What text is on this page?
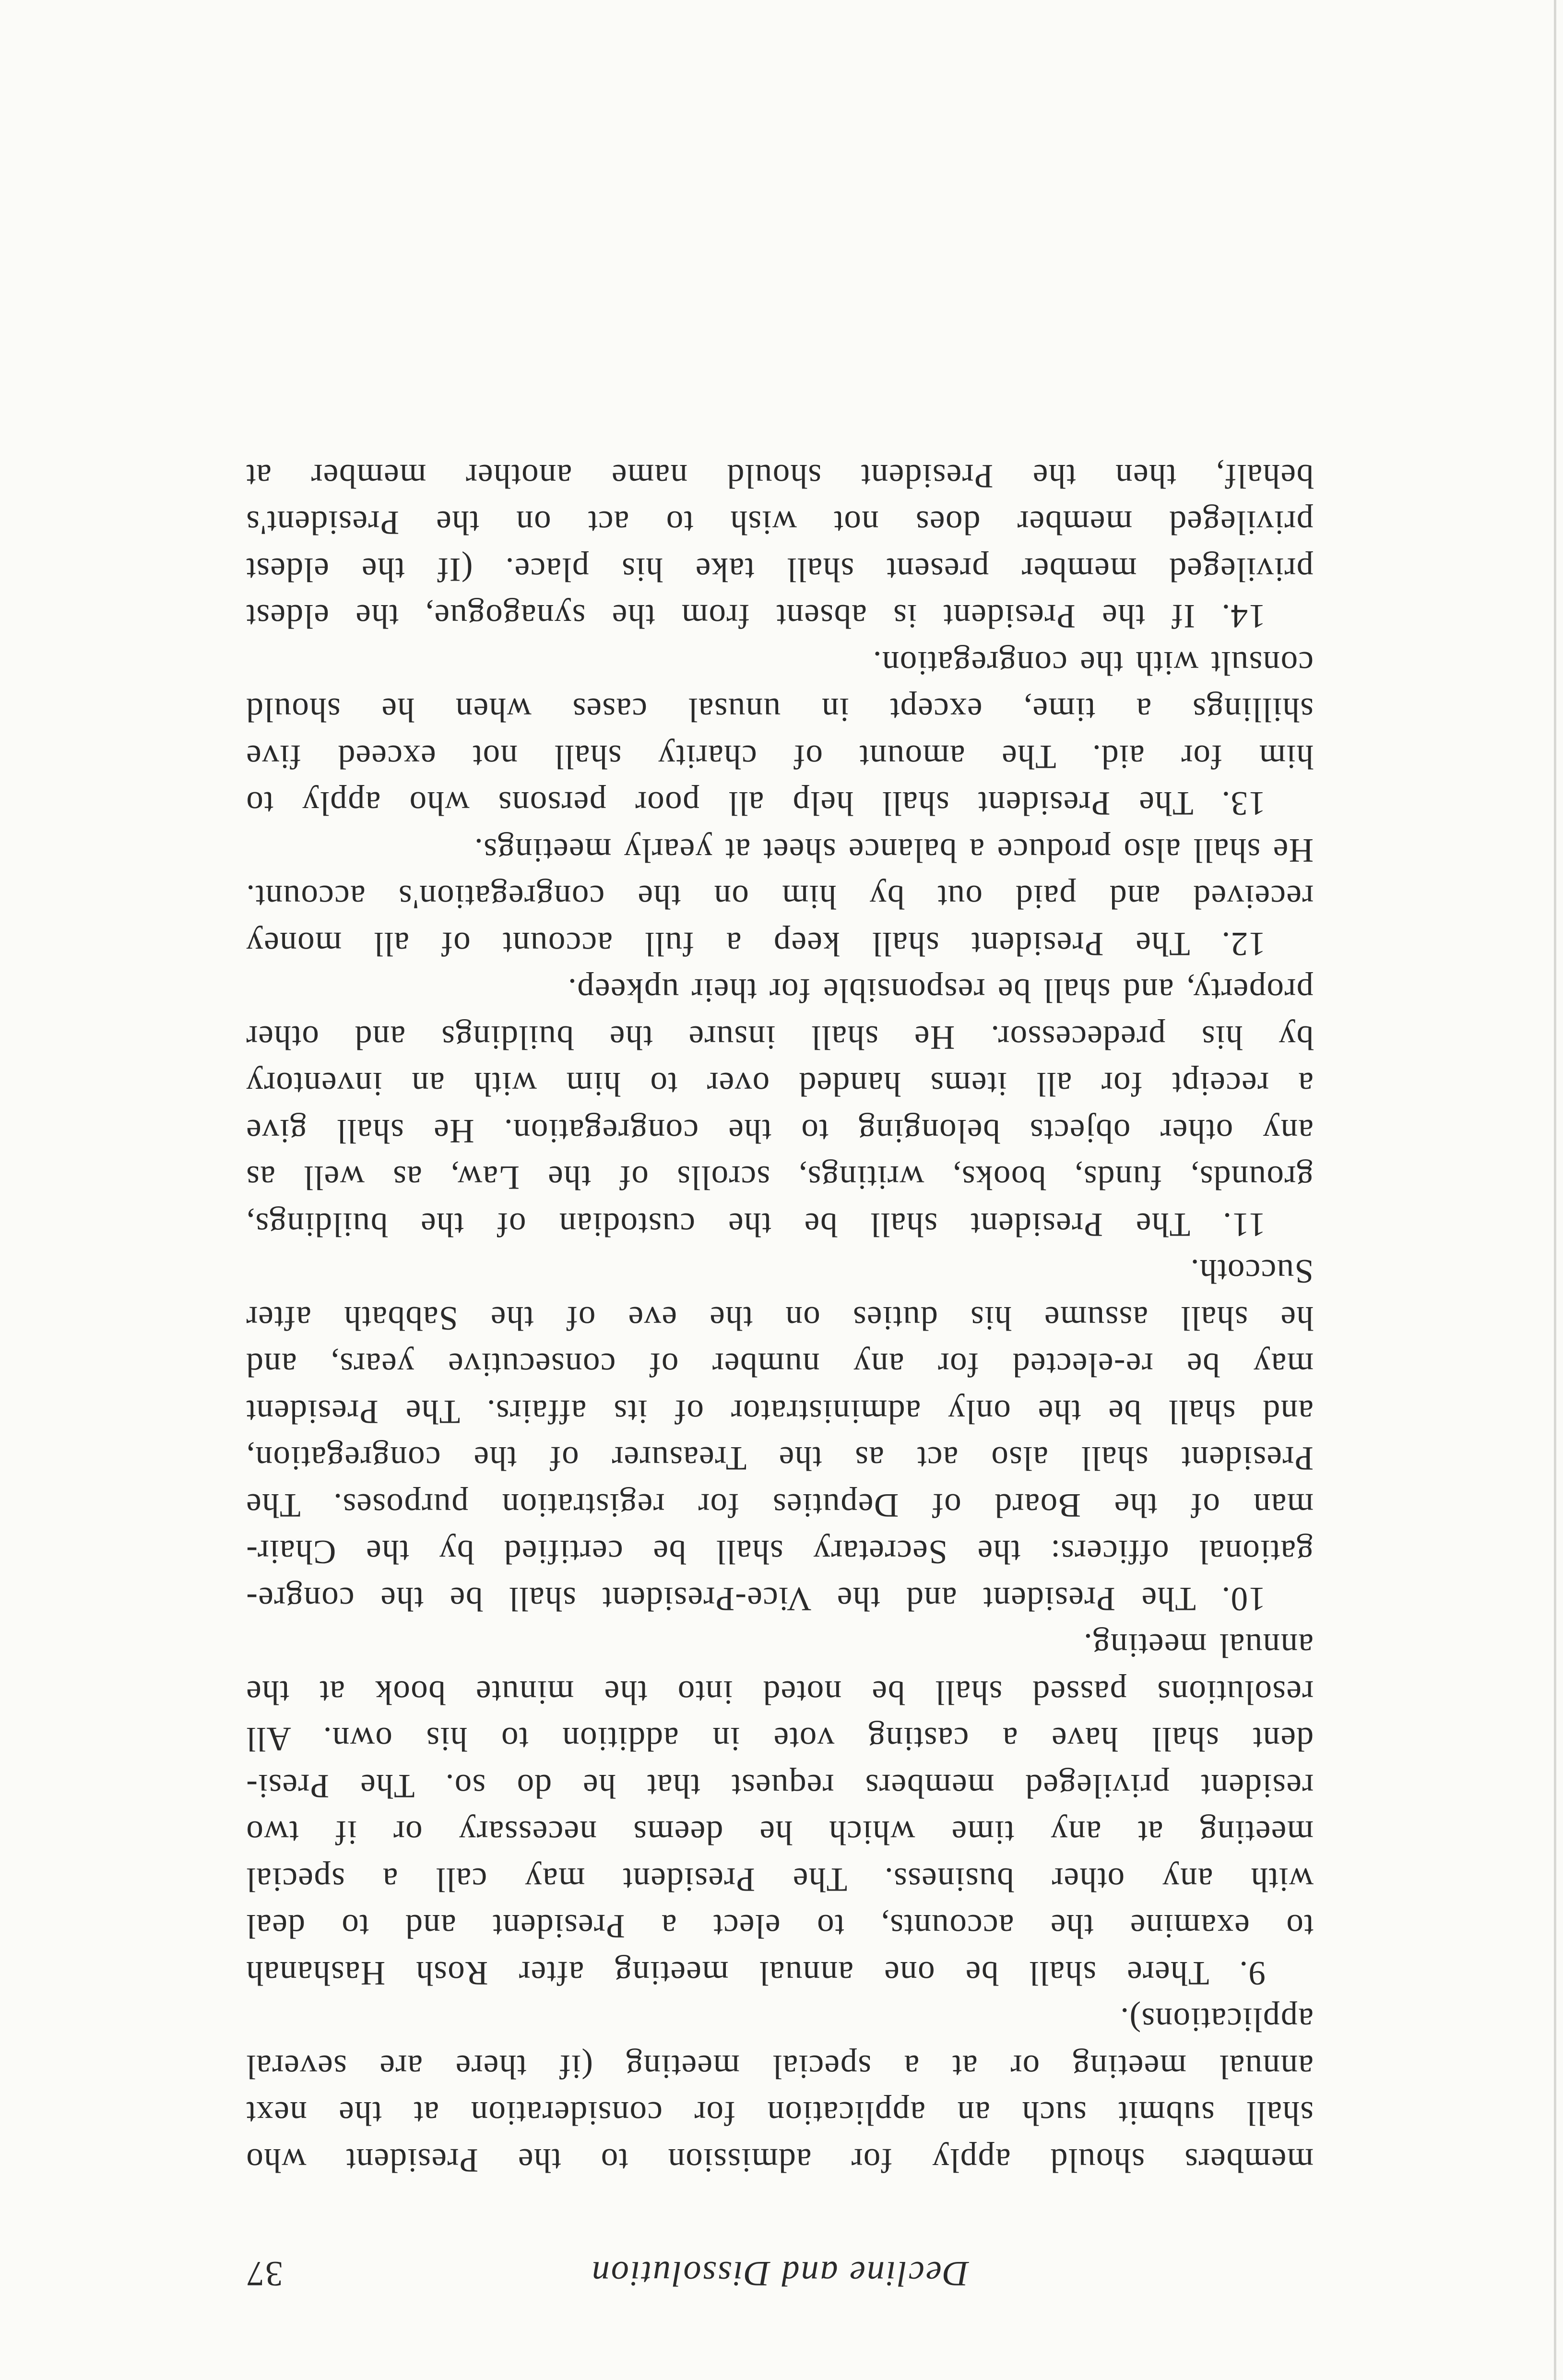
Decline and Dissolution
37
members should apply for admission to the President who
shall submit such an application for consideration at the next
annual meeting or at a special meeting (if there are several
applications).
9. There shall be one annual meeting after Rosh Hashanah
to examine the accounts, to elect a President and to deal
with any other business. The President may call a special
meeting at any time which he deems necessary or if two
resident privileged members request that he do so. The Presi-
dent shall have a casting vote in addition to his own. All
resolutions passed shall be noted into the minute book at the
annual meeting.
10. The President and the Vice-President shall be the congre-
gational officers: the Secretary shall be certified by the Chair-
man of the Board of Deputies for registration purposes. The
President shall also act as the Treasurer of the congregation,
and shall be the only administrator of its affairs. The President
may be re-elected for any number of consecutive years, and
he shall assume his duties on the eve of the Sabbath after
Succoth.
11. The President shall be the custodian of the buildings,
grounds, funds, books, writings, scrolls of the Law, as well as
any other objects belonging to the congregation. He shall give
a receipt for all items handed over to him with an inventory
by his predecessor. He shall insure the buildings and other
property, and shall be responsible for their upkeep.
12. The President shall keep a full account of all money
received and paid out by him on the congregation's account.
He shall also produce a balance sheet at yearly meetings.
13. The President shall help all poor persons who apply to
him for aid. The amount of charity shall not exceed five
shillings a time, except in unusal cases when he should
consult with the congregation.
14. If the President is absent from the synagogue, the eldest
privileged member present shall take his place. (If the eldest
privileged member does not wish to act on the President's
behalf, then the President should name another member at
